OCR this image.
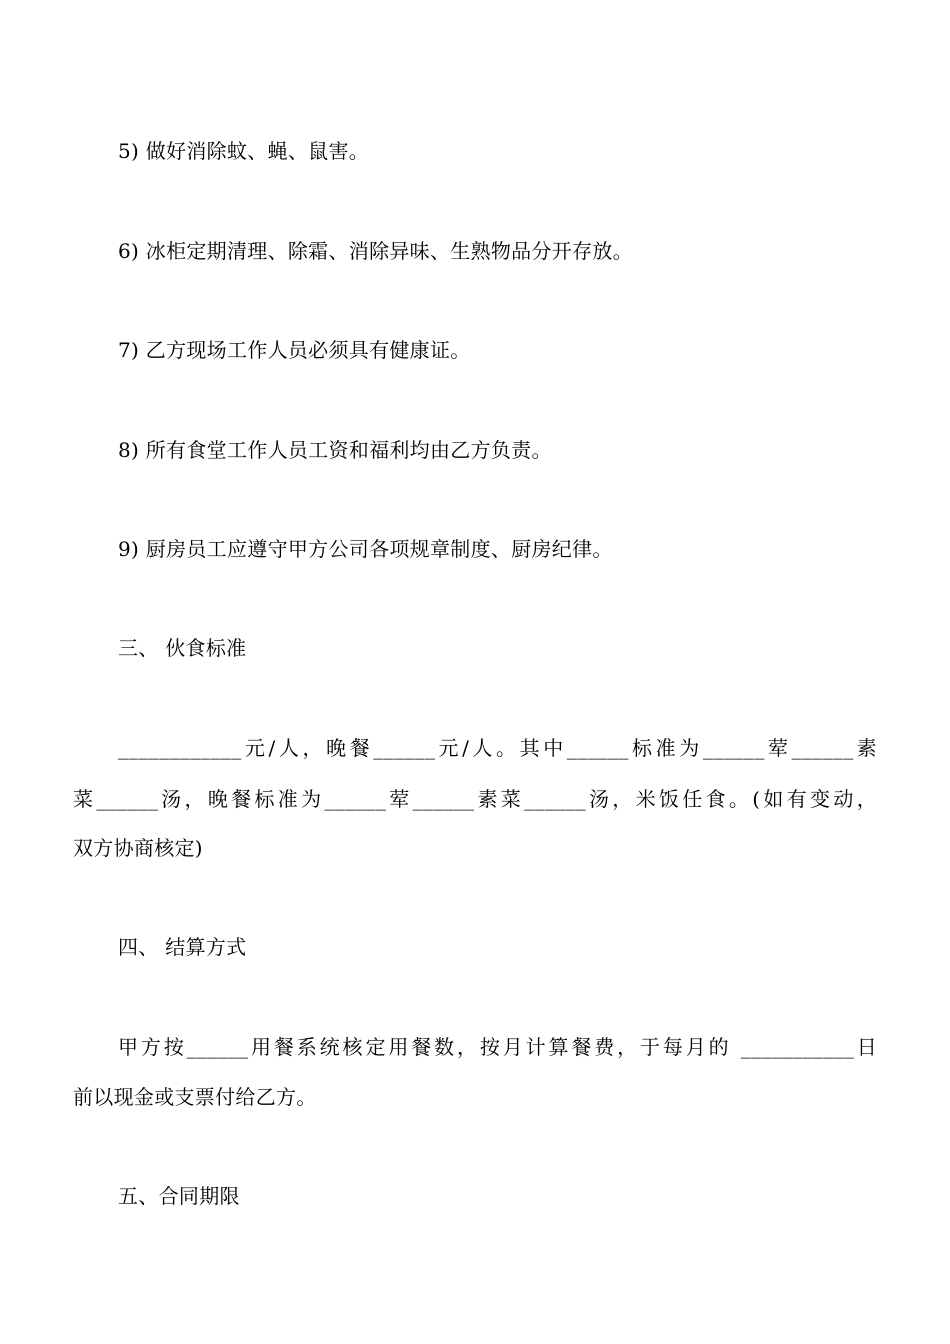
5) 做好消除蚊、蝇、鼠害。
6) 冰柜定期清理、除霜、消除异味、生熟物品分开存放。
7) 乙方现场工作人员必须具有健康证。
8) 所有食堂工作人员工资和福利均由乙方负责。
9) 厨房员工应遵守甲方公司各项规章制度、厨房纪律。
三、 伙食标准
____________元/人，晚餐______元/人。其中______标准为______荤______素
菜______汤，晚餐标准为______荤______素菜______汤，米饭任食。(如有变动，
双方协商核定)
四、 结算方式
甲方按______用餐系统核定用餐数，按月计算餐费，于每月的 ___________日
前以现金或支票付给乙方。
五、合同期限
